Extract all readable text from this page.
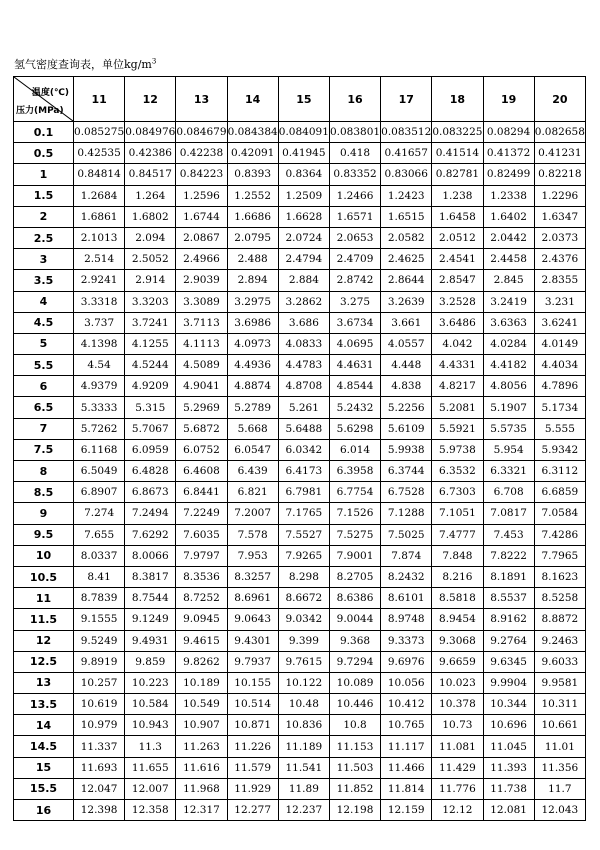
氢气密度查询表，单位$kg/m^3$
温度(℃)
压力(MPa)	11	12	13	14	15	16	17	18	19	20
0.1	0.085275	0.084976	0.084679	0.084384	0.084091	0.083801	0.083512	0.083225	0.08294	0.082658
0.5	0.42535	0.42386	0.42238	0.42091	0.41945	0.418	0.41657	0.41514	0.41372	0.41231
1	0.84814	0.84517	0.84223	0.8393	0.8364	0.83352	0.83066	0.82781	0.82499	0.82218
1.5	1.2684	1.264	1.2596	1.2552	1.2509	1.2466	1.2423	1.238	1.2338	1.2296
2	1.6861	1.6802	1.6744	1.6686	1.6628	1.6571	1.6515	1.6458	1.6402	1.6347
2.5	2.1013	2.094	2.0867	2.0795	2.0724	2.0653	2.0582	2.0512	2.0442	2.0373
3	2.514	2.5052	2.4966	2.488	2.4794	2.4709	2.4625	2.4541	2.4458	2.4376
3.5	2.9241	2.914	2.9039	2.894	2.884	2.8742	2.8644	2.8547	2.845	2.8355
4	3.3318	3.3203	3.3089	3.2975	3.2862	3.275	3.2639	3.2528	3.2419	3.231
4.5	3.737	3.7241	3.7113	3.6986	3.686	3.6734	3.661	3.6486	3.6363	3.6241
5	4.1398	4.1255	4.1113	4.0973	4.0833	4.0695	4.0557	4.042	4.0284	4.0149
5.5	4.54	4.5244	4.5089	4.4936	4.4783	4.4631	4.448	4.4331	4.4182	4.4034
6	4.9379	4.9209	4.9041	4.8874	4.8708	4.8544	4.838	4.8217	4.8056	4.7896
6.5	5.3333	5.315	5.2969	5.2789	5.261	5.2432	5.2256	5.2081	5.1907	5.1734
7	5.7262	5.7067	5.6872	5.668	5.6488	5.6298	5.6109	5.5921	5.5735	5.555
7.5	6.1168	6.0959	6.0752	6.0547	6.0342	6.014	5.9938	5.9738	5.954	5.9342
8	6.5049	6.4828	6.4608	6.439	6.4173	6.3958	6.3744	6.3532	6.3321	6.3112
8.5	6.8907	6.8673	6.8441	6.821	6.7981	6.7754	6.7528	6.7303	6.708	6.6859
9	7.274	7.2494	7.2249	7.2007	7.1765	7.1526	7.1288	7.1051	7.0817	7.0584
9.5	7.655	7.6292	7.6035	7.578	7.5527	7.5275	7.5025	7.4777	7.453	7.4286
10	8.0337	8.0066	7.9797	7.953	7.9265	7.9001	7.874	7.848	7.8222	7.7965
10.5	8.41	8.3817	8.3536	8.3257	8.298	8.2705	8.2432	8.216	8.1891	8.1623
11	8.7839	8.7544	8.7252	8.6961	8.6672	8.6386	8.6101	8.5818	8.5537	8.5258
11.5	9.1555	9.1249	9.0945	9.0643	9.0342	9.0044	8.9748	8.9454	8.9162	8.8872
12	9.5249	9.4931	9.4615	9.4301	9.399	9.368	9.3373	9.3068	9.2764	9.2463
12.5	9.8919	9.859	9.8262	9.7937	9.7615	9.7294	9.6976	9.6659	9.6345	9.6033
13	10.257	10.223	10.189	10.155	10.122	10.089	10.056	10.023	9.9904	9.9581
13.5	10.619	10.584	10.549	10.514	10.48	10.446	10.412	10.378	10.344	10.311
14	10.979	10.943	10.907	10.871	10.836	10.8	10.765	10.73	10.696	10.661
14.5	11.337	11.3	11.263	11.226	11.189	11.153	11.117	11.081	11.045	11.01
15	11.693	11.655	11.616	11.579	11.541	11.503	11.466	11.429	11.393	11.356
15.5	12.047	12.007	11.968	11.929	11.89	11.852	11.814	11.776	11.738	11.7
16	12.398	12.358	12.317	12.277	12.237	12.198	12.159	12.12	12.081	12.043
